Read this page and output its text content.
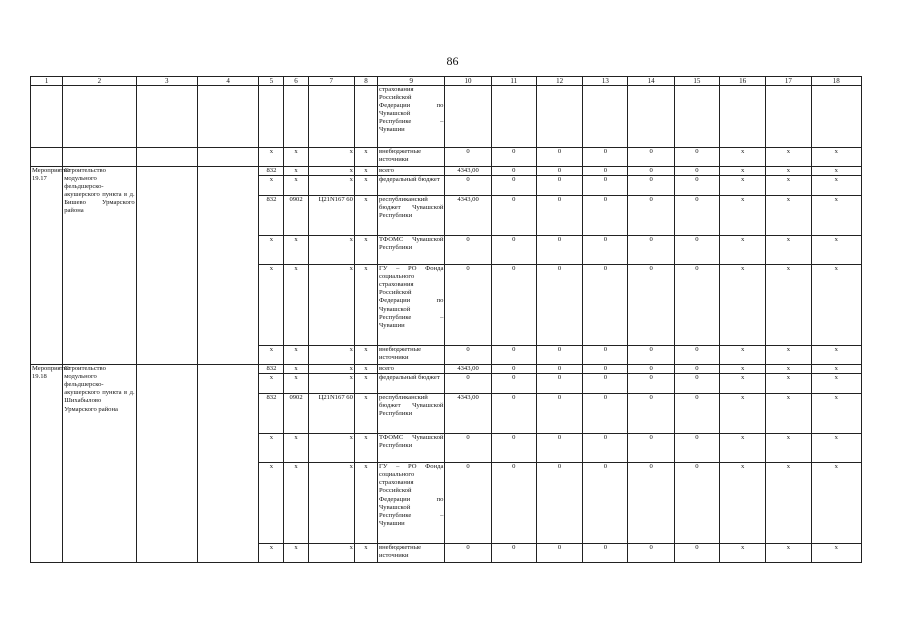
86
1	2	3	4	5	6	7	8	9	10	11	12	13	14	15	16	17	18
								страхования Российской Федерации по Чувашской Республике – Чувашии									
				х	х	х	х	внебюджетные источники	0	0	0	0	0	0	х	х	х
Мероприятие 19.17	Строительство модульного фельдшерско-акушерского пункта в д. Бишево Урмарского района			832	х	х	х	всего	4343,00	0	0	0	0	0	х	х	х
				х	х	х	х	федеральный бюджет	0	0	0	0	0	0	х	х	х
				832	0902	Ц21N167 60	х	республиканский бюджет Чувашской Республики	4343,00	0	0	0	0	0	х	х	х
				х	х	х	х	ТФОМС Чувашской Республики	0	0	0	0	0	0	х	х	х
				х	х	х	х	ГУ – РО Фонда социального страхования Российской Федерации по Чувашской Республике – Чувашии	0	0	0	0	0	0	х	х	х
				х	х	х	х	внебюджетные источники	0	0	0	0	0	0	х	х	х
Мероприятие 19.18	Строительство модульного фельдшерско-акушерского пункта в д. Шихабылово Урмарского района			832	х	х	х	всего	4343,00	0	0	0	0	0	х	х	х
				х	х	х	х	федеральный бюджет	0	0	0	0	0	0	х	х	х
				832	0902	Ц21N167 60	х	республиканский бюджет Чувашской Республики	4343,00	0	0	0	0	0	х	х	х
				х	х	х	х	ТФОМС Чувашской Республики	0	0	0	0	0	0	х	х	х
				х	х	х	х	ГУ – РО Фонда социального страхования Российской Федерации по Чувашской Республике – Чувашии	0	0	0	0	0	0	х	х	х
				х	х	х	х	внебюджетные источники	0	0	0	0	0	0	х	х	х
